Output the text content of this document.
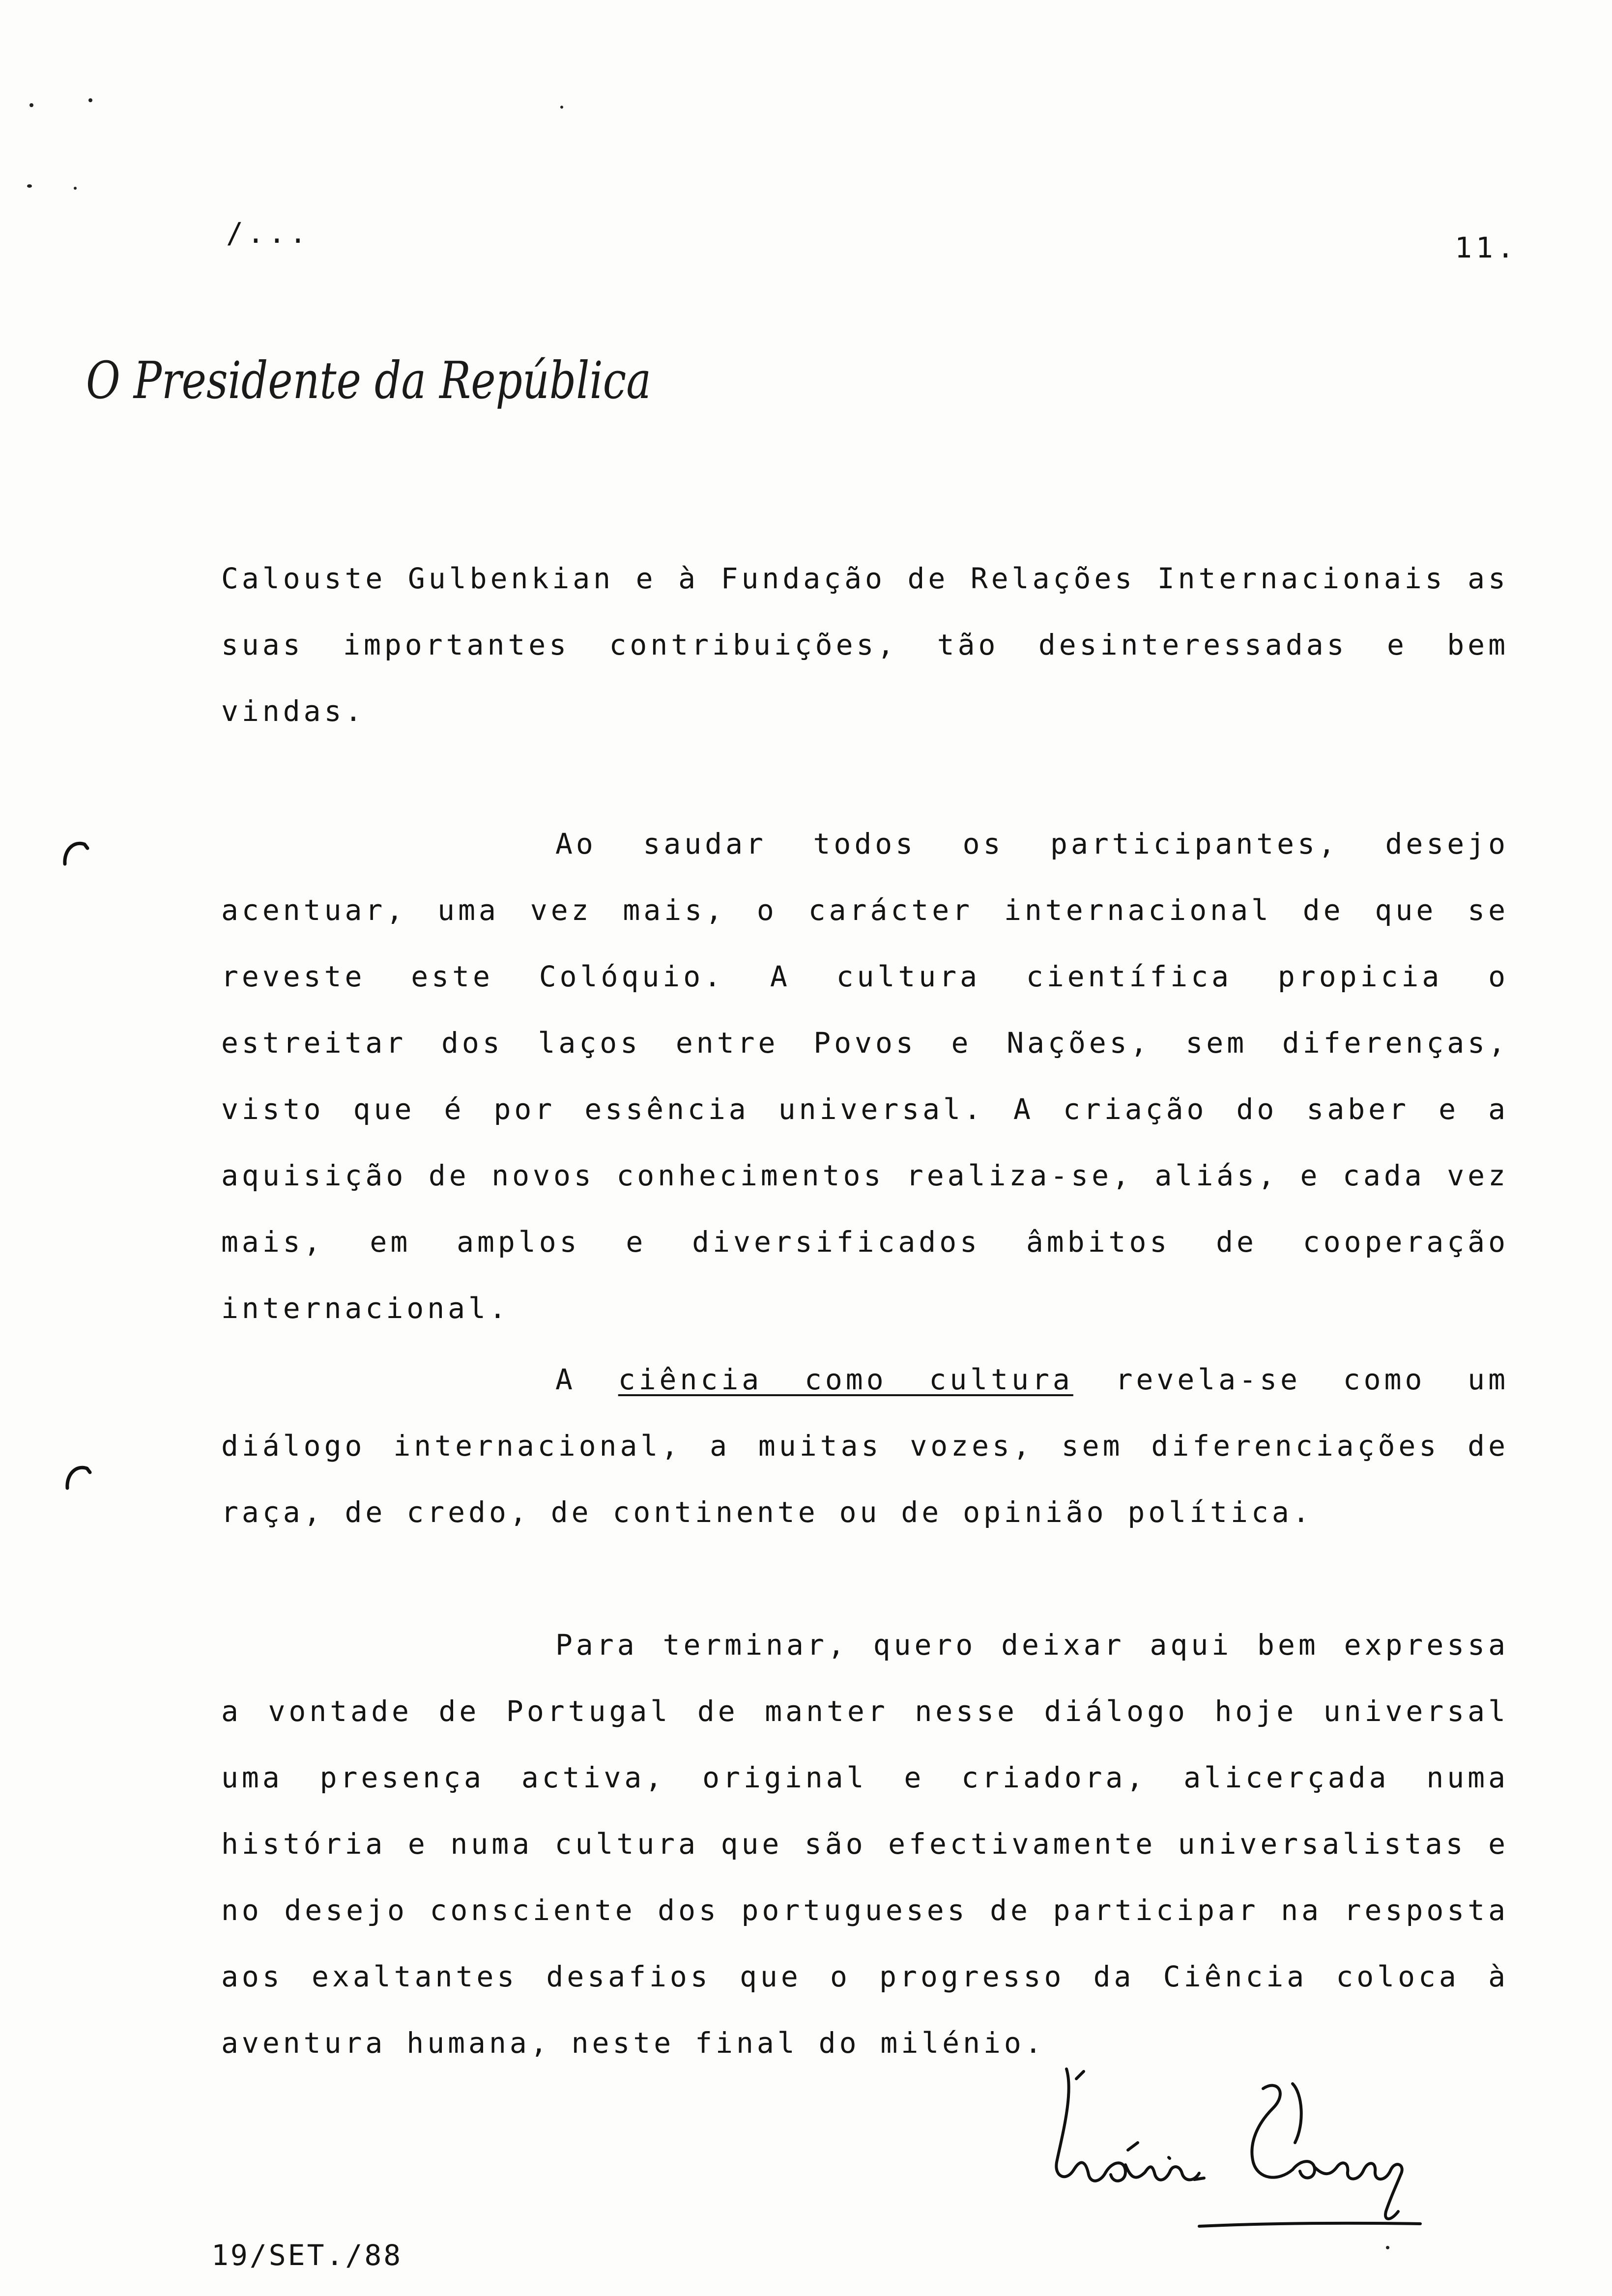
/...	11.
O Presidente da República

Calouste Gulbenkian e à Fundação de Relações Internacionais as suas importantes contribuições, tão desinteressadas e bem vindas.

Ao saudar todos os participantes, desejo acentuar, uma vez mais, o carácter internacional de que se reveste este Colóquio. A cultura científica propicia o estreitar dos laços entre Povos e Nações, sem diferenças, visto que é por essência universal. A criação do saber e a aquisição de novos conhecimentos realiza-se, aliás, e cada vez mais, em amplos e diversificados âmbitos de cooperação internacional.

A ciência como cultura revela-se como um diálogo internacional, a muitas vozes, sem diferenciações de raça, de credo, de continente ou de opinião política.

Para terminar, quero deixar aqui bem expressa a vontade de Portugal de manter nesse diálogo hoje universal uma presença activa, original e criadora, alicerçada numa história e numa cultura que são efectivamente universalistas e no desejo consciente dos portugueses de participar na resposta aos exaltantes desafios que o progresso da Ciência coloca à aventura humana, neste final do milénio.

19/SET./88
